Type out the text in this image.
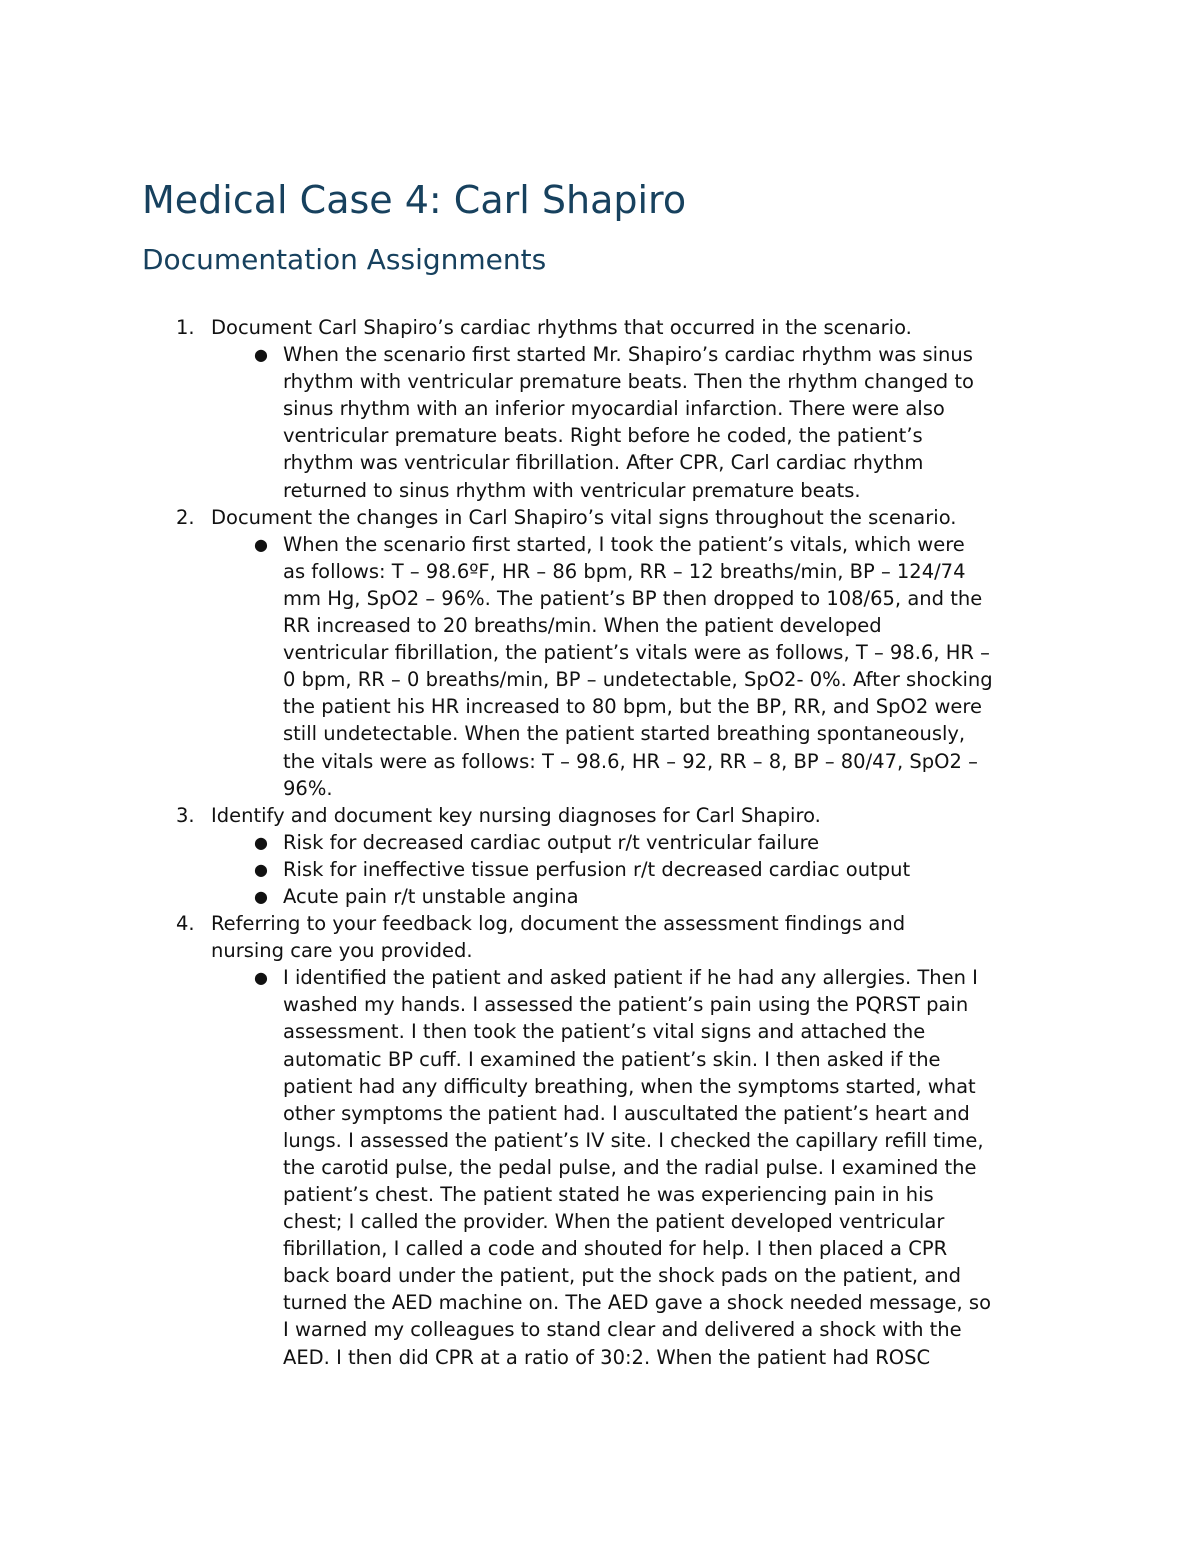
Medical Case 4: Carl Shapiro
Documentation Assignments
1. Document Carl Shapiro’s cardiac rhythms that occurred in the scenario.
● When the scenario first started Mr. Shapiro’s cardiac rhythm was sinus rhythm with ventricular premature beats. Then the rhythm changed to sinus rhythm with an inferior myocardial infarction. There were also ventricular premature beats. Right before he coded, the patient’s rhythm was ventricular fibrillation. After CPR, Carl cardiac rhythm returned to sinus rhythm with ventricular premature beats.
2. Document the changes in Carl Shapiro’s vital signs throughout the scenario.
● When the scenario first started, I took the patient’s vitals, which were as follows: T – 98.6ºF, HR – 86 bpm, RR – 12 breaths/min, BP – 124/74 mm Hg, SpO2 – 96%. The patient’s BP then dropped to 108/65, and the RR increased to 20 breaths/min. When the patient developed ventricular fibrillation, the patient’s vitals were as follows, T – 98.6, HR – 0 bpm, RR – 0 breaths/min, BP – undetectable, SpO2- 0%. After shocking the patient his HR increased to 80 bpm, but the BP, RR, and SpO2 were still undetectable. When the patient started breathing spontaneously, the vitals were as follows: T – 98.6, HR – 92, RR – 8, BP – 80/47, SpO2 – 96%.
3. Identify and document key nursing diagnoses for Carl Shapiro.
● Risk for decreased cardiac output r/t ventricular failure
● Risk for ineffective tissue perfusion r/t decreased cardiac output
● Acute pain r/t unstable angina
4. Referring to your feedback log, document the assessment findings and nursing care you provided.
● I identified the patient and asked patient if he had any allergies. Then I washed my hands. I assessed the patient’s pain using the PQRST pain assessment. I then took the patient’s vital signs and attached the automatic BP cuff. I examined the patient’s skin. I then asked if the patient had any difficulty breathing, when the symptoms started, what other symptoms the patient had. I auscultated the patient’s heart and lungs. I assessed the patient’s IV site. I checked the capillary refill time, the carotid pulse, the pedal pulse, and the radial pulse. I examined the patient’s chest. The patient stated he was experiencing pain in his chest; I called the provider. When the patient developed ventricular fibrillation, I called a code and shouted for help. I then placed a CPR back board under the patient, put the shock pads on the patient, and turned the AED machine on. The AED gave a shock needed message, so I warned my colleagues to stand clear and delivered a shock with the AED. I then did CPR at a ratio of 30:2. When the patient had ROSC
